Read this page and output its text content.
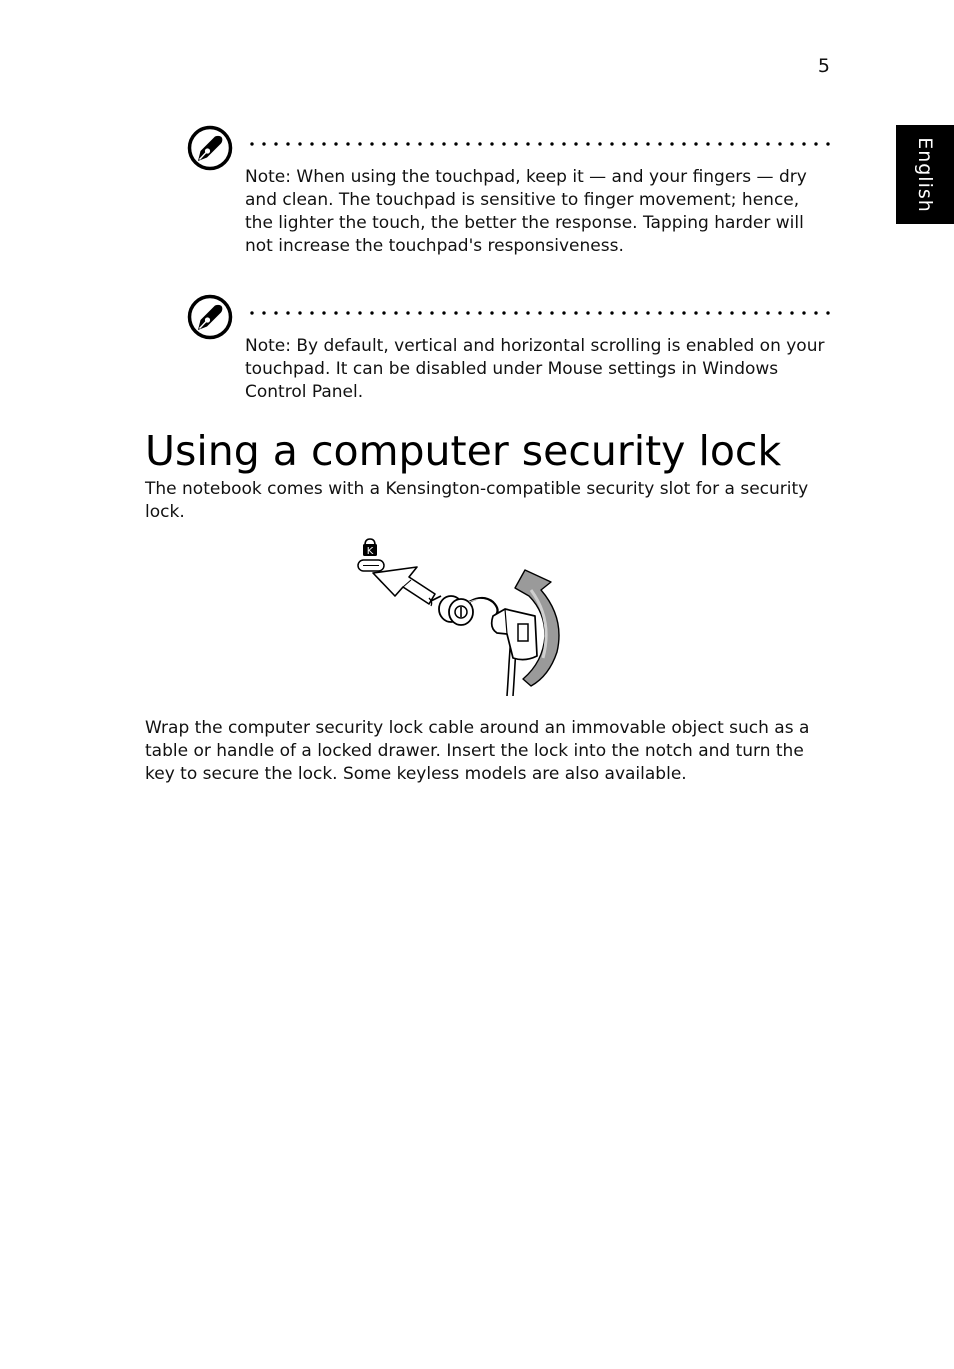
5
English
Note: When using the touchpad, keep it — and your fingers — dry and clean. The touchpad is sensitive to finger movement; hence, the lighter the touch, the better the response. Tapping harder will not increase the touchpad's responsiveness.
Note: By default, vertical and horizontal scrolling is enabled on your touchpad. It can be disabled under Mouse settings in Windows Control Panel.
Using a computer security lock

The notebook comes with a Kensington-compatible security slot for a security lock.

K

Wrap the computer security lock cable around an immovable object such as a table or handle of a locked drawer. Insert the lock into the notch and turn the key to secure the lock. Some keyless models are also available.
